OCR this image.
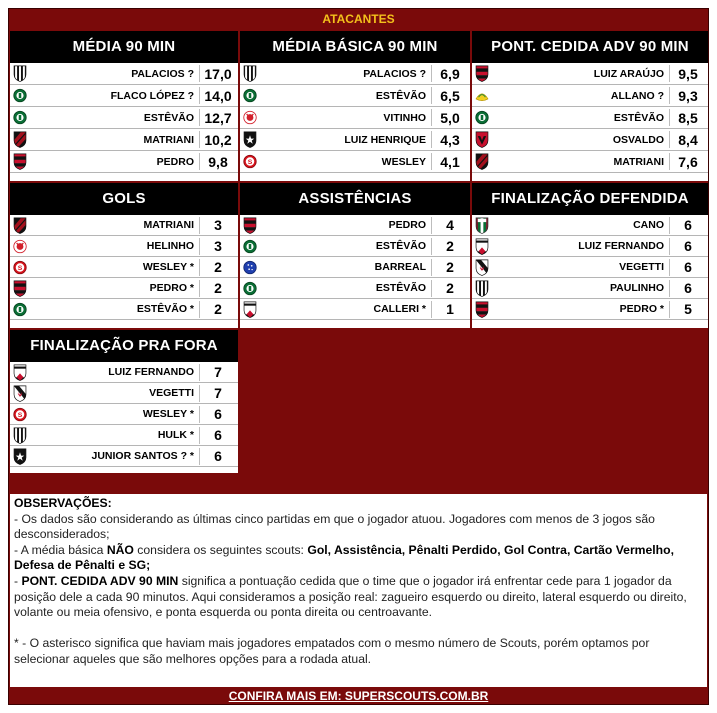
ATACANTES
MÉDIA 90 MIN
PALACIOS ? 17,0
FLACO LÓPEZ ? 14,0
ESTÊVÃO 12,7
MATRIANI 10,2
PEDRO	9,8
MÉDIA BÁSICA 90 MIN
PALACIOS ?	6,9
ESTÊVÃO	6,5
VITINHO	5,0
LUIZ HENRIQUE	4,3
S	WESLEY	4,1
PONT. CEDIDA ADV 90 MIN
LUIZ ARAÚJO	9,5
ALLANO ?	9,3
ESTÊVÃO	8,5
OSVALDO	8,4
MATRIANI	7,6
GOLS
MATRIANI	3
HELINHO	3
S	WESLEY *	2
PEDRO *	2
ESTÊVÃO *	2
ASSISTÊNCIAS
PEDRO	4
ESTÊVÃO	2
BARREAL	2
ESTÊVÃO	2
CALLERI *	1
FINALIZAÇÃO DEFENDIDA
CANO	6
LUIZ FERNANDO	6
VEGETTI	6
PAULINHO	6
PEDRO *	5
FINALIZAÇÃO PRA FORA
LUIZ FERNANDO	7
VEGETTI	7
S	WESLEY *	6
HULK *	6
JUNIOR SANTOS ? *	6

OBSERVAÇÕES:

- Os dados são considerando as últimas cinco partidas em que o jogador atuou. Jogadores com menos de 3 jogos são desconsiderados;

- A média básica NÃO considera os seguintes scouts: Gol, Assistência, Pênalti Perdido, Gol Contra, Cartão Vermelho, Defesa de Pênalti e SG;

- PONT. CEDIDA ADV 90 MIN significa a pontuação cedida que o time que o jogador irá enfrentar cede para 1 jogador da posição dele a cada 90 minutos. Aqui consideramos a posição real: zagueiro esquerdo ou direito, lateral esquerdo ou direito, volante ou meia ofensivo, e ponta esquerda ou ponta direita ou centroavante.

* - O asterisco significa que haviam mais jogadores empatados com o mesmo número de Scouts, porém optamos por selecionar aqueles que são melhores opções para a rodada atual.

CONFIRA MAIS EM: SUPERSCOUTS.COM.BR
